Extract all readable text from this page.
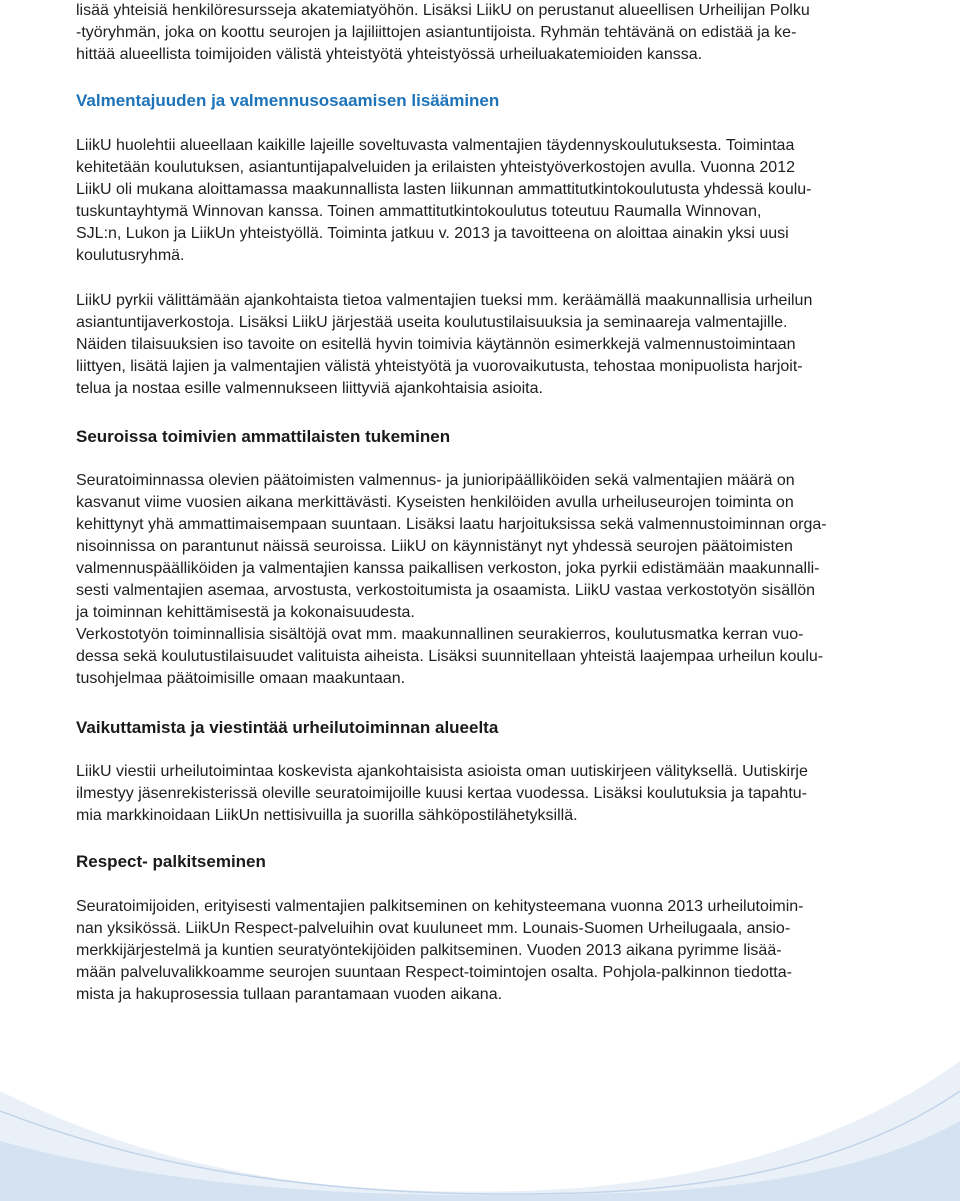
lisää yhteisiä henkilöresursseja akatemiatyöhön. Lisäksi LiikU on perustanut alueellisen Urheilijan Polku
-työryhmän, joka on koottu seurojen ja lajiliittojen asiantuntijoista. Ryhmän tehtävänä on edistää ja ke-
hittää alueellista toimijoiden välistä yhteistyötä yhteistyössä urheiluakatemioiden kanssa.
Valmentajuuden ja valmennusosaamisen lisääminen
LiikU huolehtii alueellaan kaikille lajeille soveltuvasta valmentajien täydennyskoulutuksesta. Toimintaa
kehitetään koulutuksen, asiantuntijapalveluiden ja erilaisten yhteistyöverkostojen avulla. Vuonna 2012
LiikU oli mukana aloittamassa maakunnallista lasten liikunnan ammattitutkintokoulutusta yhdessä koulu-
tuskuntayhtymä Winnovan kanssa. Toinen ammattitutkintokoulutus toteutuu Raumalla Winnovan,
SJL:n, Lukon ja LiikUn yhteistyöllä. Toiminta jatkuu v. 2013 ja tavoitteena on aloittaa ainakin yksi uusi
koulutusryhmä.
LiikU pyrkii välittämään ajankohtaista tietoa valmentajien tueksi mm. keräämällä maakunnallisia urheilun
asiantuntijaverkostoja. Lisäksi LiikU järjestää useita koulutustilaisuuksia ja seminaareja valmentajille.
Näiden tilaisuuksien iso tavoite on esitellä hyvin toimivia käytännön esimerkkejä valmennustoimintaan
liittyen, lisätä lajien ja valmentajien välistä yhteistyötä ja vuorovaikutusta, tehostaa monipuolista harjoit-
telua ja nostaa esille valmennukseen liittyviä ajankohtaisia asioita.
Seuroissa toimivien ammattilaisten tukeminen
Seuratoiminnassa olevien päätoimisten valmennus- ja junioripäälliköiden sekä valmentajien määrä on
kasvanut viime vuosien aikana merkittävästi. Kyseisten henkilöiden avulla urheiluseurojen toiminta on
kehittynyt yhä ammattimaisempaan suuntaan. Lisäksi laatu harjoituksissa sekä valmennustoiminnan orga-
nisoinnissa on parantunut näissä seuroissa. LiikU on käynnistänyt nyt yhdessä seurojen päätoimisten
valmennuspäälliköiden ja valmentajien kanssa paikallisen verkoston, joka pyrkii edistämään maakunnalli-
sesti valmentajien asemaa, arvostusta, verkostoitumista ja osaamista. LiikU vastaa verkostotyön sisällön
ja toiminnan kehittämisestä ja kokonaisuudesta.
Verkostotyön toiminnallisia sisältöjä ovat mm. maakunnallinen seurakierros, koulutusmatka kerran vuo-
dessa sekä koulutustilaisuudet valituista aiheista. Lisäksi suunnitellaan yhteistä laajempaa urheilun koulu-
tusohjelmaa päätoimisille omaan maakuntaan.
Vaikuttamista ja viestintää urheilutoiminnan alueelta
LiikU viestii urheilutoimintaa koskevista ajankohtaisista asioista oman uutiskirjeen välityksellä. Uutiskirje
ilmestyy jäsenrekisterissä oleville seuratoimijoille kuusi kertaa vuodessa. Lisäksi koulutuksia ja tapahtu-
mia markkinoidaan LiikUn nettisivuilla ja suorilla sähköpostilähetyksillä.
Respect- palkitseminen
Seuratoimijoiden, erityisesti valmentajien palkitseminen on kehitysteemana vuonna 2013 urheilutoimin-
nan yksikössä. LiikUn Respect-palveluihin ovat kuuluneet mm. Lounais-Suomen Urheilugaala, ansio-
merkkijärjestelmä ja kuntien seuratyöntekijöiden palkitseminen. Vuoden 2013 aikana pyrimme lisää-
mään palveluvalikkoamme seurojen suuntaan Respect-toimintojen osalta. Pohjola-palkinnon tiedotta-
mista ja hakuprosessia tullaan parantamaan vuoden aikana.
